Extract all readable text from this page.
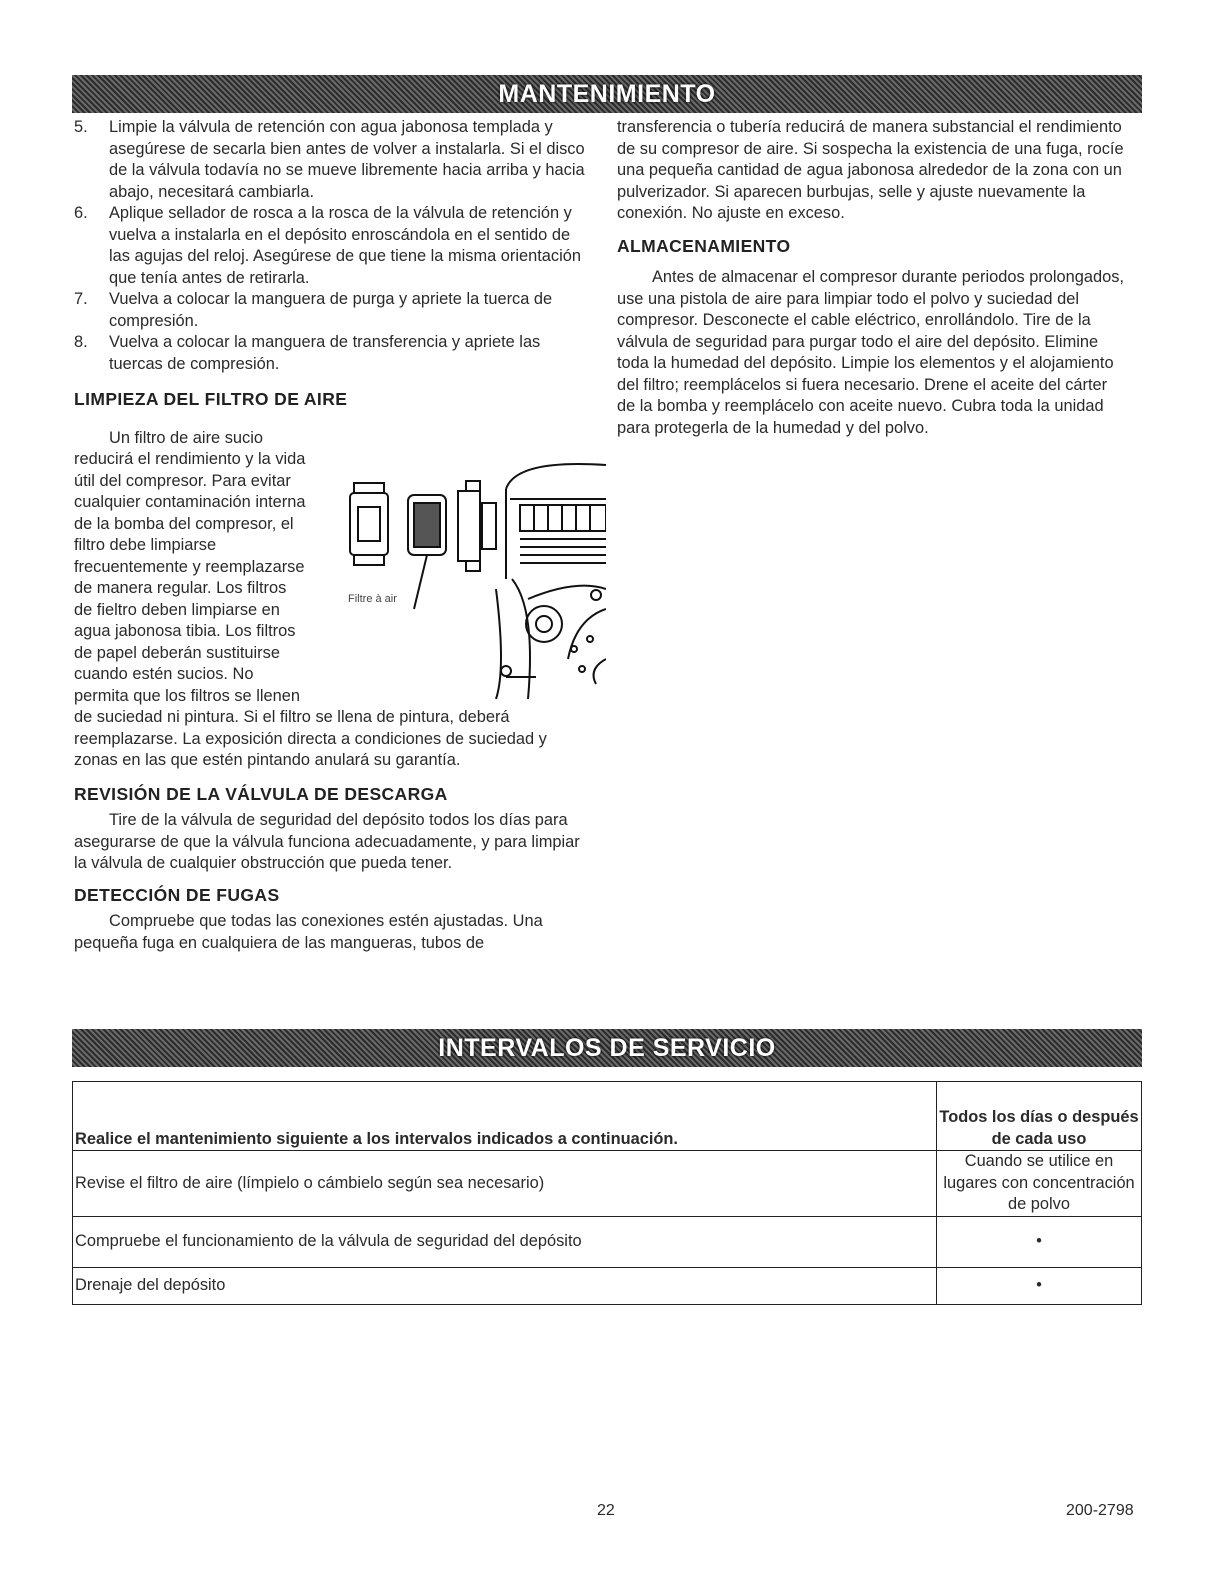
MANTENIMIENTO
5. Limpie la válvula de retención con agua jabonosa templada y asegúrese de secarla bien antes de volver a instalarla. Si el disco de la válvula todavía no se mueve libremente hacia arriba y hacia abajo, necesitará cambiarla.
6. Aplique sellador de rosca a la rosca de la válvula de retención y vuelva a instalarla en el depósito enroscándola en el sentido de las agujas del reloj. Asegúrese de que tiene la misma orientación que tenía antes de retirarla.
7. Vuelva a colocar la manguera de purga y apriete la tuerca de compresión.
8. Vuelva a colocar la manguera de transferencia y apriete las tuercas de compresión.
LIMPIEZA DEL FILTRO DE AIRE
Filtre à air

Un filtro de aire sucio reducirá el rendimiento y la vida útil del compresor. Para evitar cualquier contaminación interna de la bomba del compresor, el filtro debe limpiarse frecuentemente y reemplazarse de manera regular. Los filtros de fieltro deben limpiarse en agua jabonosa tibia. Los filtros de papel deberán sustituirse cuando estén sucios. No permita que los filtros se llenen de suciedad ni pintura. Si el filtro se llena de pintura, deberá reemplazarse. La exposición directa a condiciones de suciedad y zonas en las que estén pintando anulará su garantía.

REVISIÓN DE LA VÁLVULA DE DESCARGA

Tire de la válvula de seguridad del depósito todos los días para asegurarse de que la válvula funciona adecuadamente, y para limpiar la válvula de cualquier obstrucción que pueda tener.

DETECCIÓN DE FUGAS

Compruebe que todas las conexiones estén ajustadas. Una pequeña fuga en cualquiera de las mangueras, tubos de

transferencia o tubería reducirá de manera substancial el rendimiento de su compresor de aire. Si sospecha la existencia de una fuga, rocíe una pequeña cantidad de agua jabonosa alrededor de la zona con un pulverizador. Si aparecen burbujas, selle y ajuste nuevamente la conexión. No ajuste en exceso.

ALMACENAMIENTO

Antes de almacenar el compresor durante periodos prolongados, use una pistola de aire para limpiar todo el polvo y suciedad del compresor. Desconecte el cable eléctrico, enrollándolo. Tire de la válvula de seguridad para purgar todo el aire del depósito. Elimine toda la humedad del depósito. Limpie los elementos y el alojamiento del filtro; reemplácelos si fuera necesario. Drene el aceite del cárter de la bomba y reemplácelo con aceite nuevo. Cubra toda la unidad para protegerla de la humedad y del polvo.

INTERVALOS DE SERVICIO
Realice el mantenimiento siguiente a los intervalos indicados a continuación.	Todos los días o después de cada uso
Revise el filtro de aire (límpielo o cámbielo según sea necesario)	Cuando se utilice en lugares con concentración de polvo
Compruebe el funcionamiento de la válvula de seguridad del depósito	•
Drenaje del depósito	•
22	200-2798
